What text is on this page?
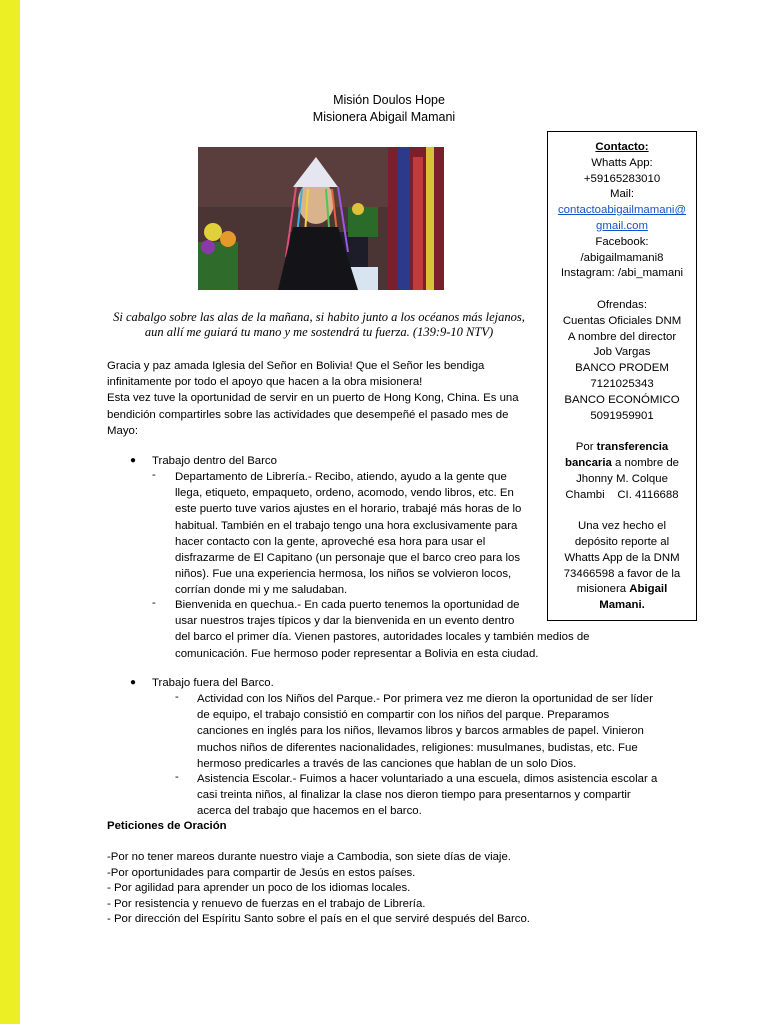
Misión Doulos Hope
Misionera Abigail Mamani
Si cabalgo sobre las alas de la mañana, si habito junto a los océanos más lejanos,
aun allí me guiará tu mano y me sostendrá tu fuerza. (139:9-10 NTV)
Gracia y paz amada Iglesia del Señor en Bolivia! Que el Señor les bendiga
infinitamente por todo el apoyo que hacen a la obra misionera!
Esta vez tuve la oportunidad de servir en un puerto de Hong Kong, China. Es una
bendición compartirles sobre las actividades que desempeñé el pasado mes de
Mayo:
● Trabajo dentro del Barco
- Departamento de Librería.- Recibo, atiendo, ayudo a la gente que
llega, etiqueto, empaqueto, ordeno, acomodo, vendo libros, etc. En
este puerto tuve varios ajustes en el horario, trabajé más horas de lo
habitual. También en el trabajo tengo una hora exclusivamente para
hacer contacto con la gente, aproveché esa hora para usar el
disfrazarme de El Capitano (un personaje que el barco creo para los
niños). Fue una experiencia hermosa, los niños se volvieron locos,
corrían donde mi y me saludaban.
- Bienvenida en quechua.- En cada puerto tenemos la oportunidad de
usar nuestros trajes típicos y dar la bienvenida en un evento dentro
del barco el primer día. Vienen pastores, autoridades locales y también medios de
comunicación. Fue hermoso poder representar a Bolivia en esta ciudad.
● Trabajo fuera del Barco.
- Actividad con los Niños del Parque.- Por primera vez me dieron la oportunidad de ser líder
de equipo, el trabajo consistió en compartir con los niños del parque. Preparamos
canciones en inglés para los niños, llevamos libros y barcos armables de papel. Vinieron
muchos niños de diferentes nacionalidades, religiones: musulmanes, budistas, etc. Fue
hermoso predicarles a través de las canciones que hablan de un solo Dios.
- Asistencia Escolar.- Fuimos a hacer voluntariado a una escuela, dimos asistencia escolar a
casi treinta niños, al finalizar la clase nos dieron tiempo para presentarnos y compartir
acerca del trabajo que hacemos en el barco.
Peticiones de Oración
-Por no tener mareos durante nuestro viaje a Cambodia, son siete días de viaje.
-Por oportunidades para compartir de Jesús en estos países.
- Por agilidad para aprender un poco de los idiomas locales.
- Por resistencia y renuevo de fuerzas en el trabajo de Librería.
- Por dirección del Espíritu Santo sobre el país en el que serviré después del Barco.
Contacto:
Whatts App:
+59165283010
Mail:
contactoabigailmamani@
gmail.com
Facebook:
/abigailmamani8
Instagram: /abi_mamani
Ofrendas:
Cuentas Oficiales DNM
A nombre del director
Job Vargas
BANCO PRODEM
7121025343
BANCO ECONÓMICO
5091959901
Por transferencia
bancaria a nombre de
Jhonny M. Colque
Chambi    CI. 4116688
Una vez hecho el
depósito reporte al
Whatts App de la DNM
73466598 a favor de la
misionera Abigail
Mamani.
